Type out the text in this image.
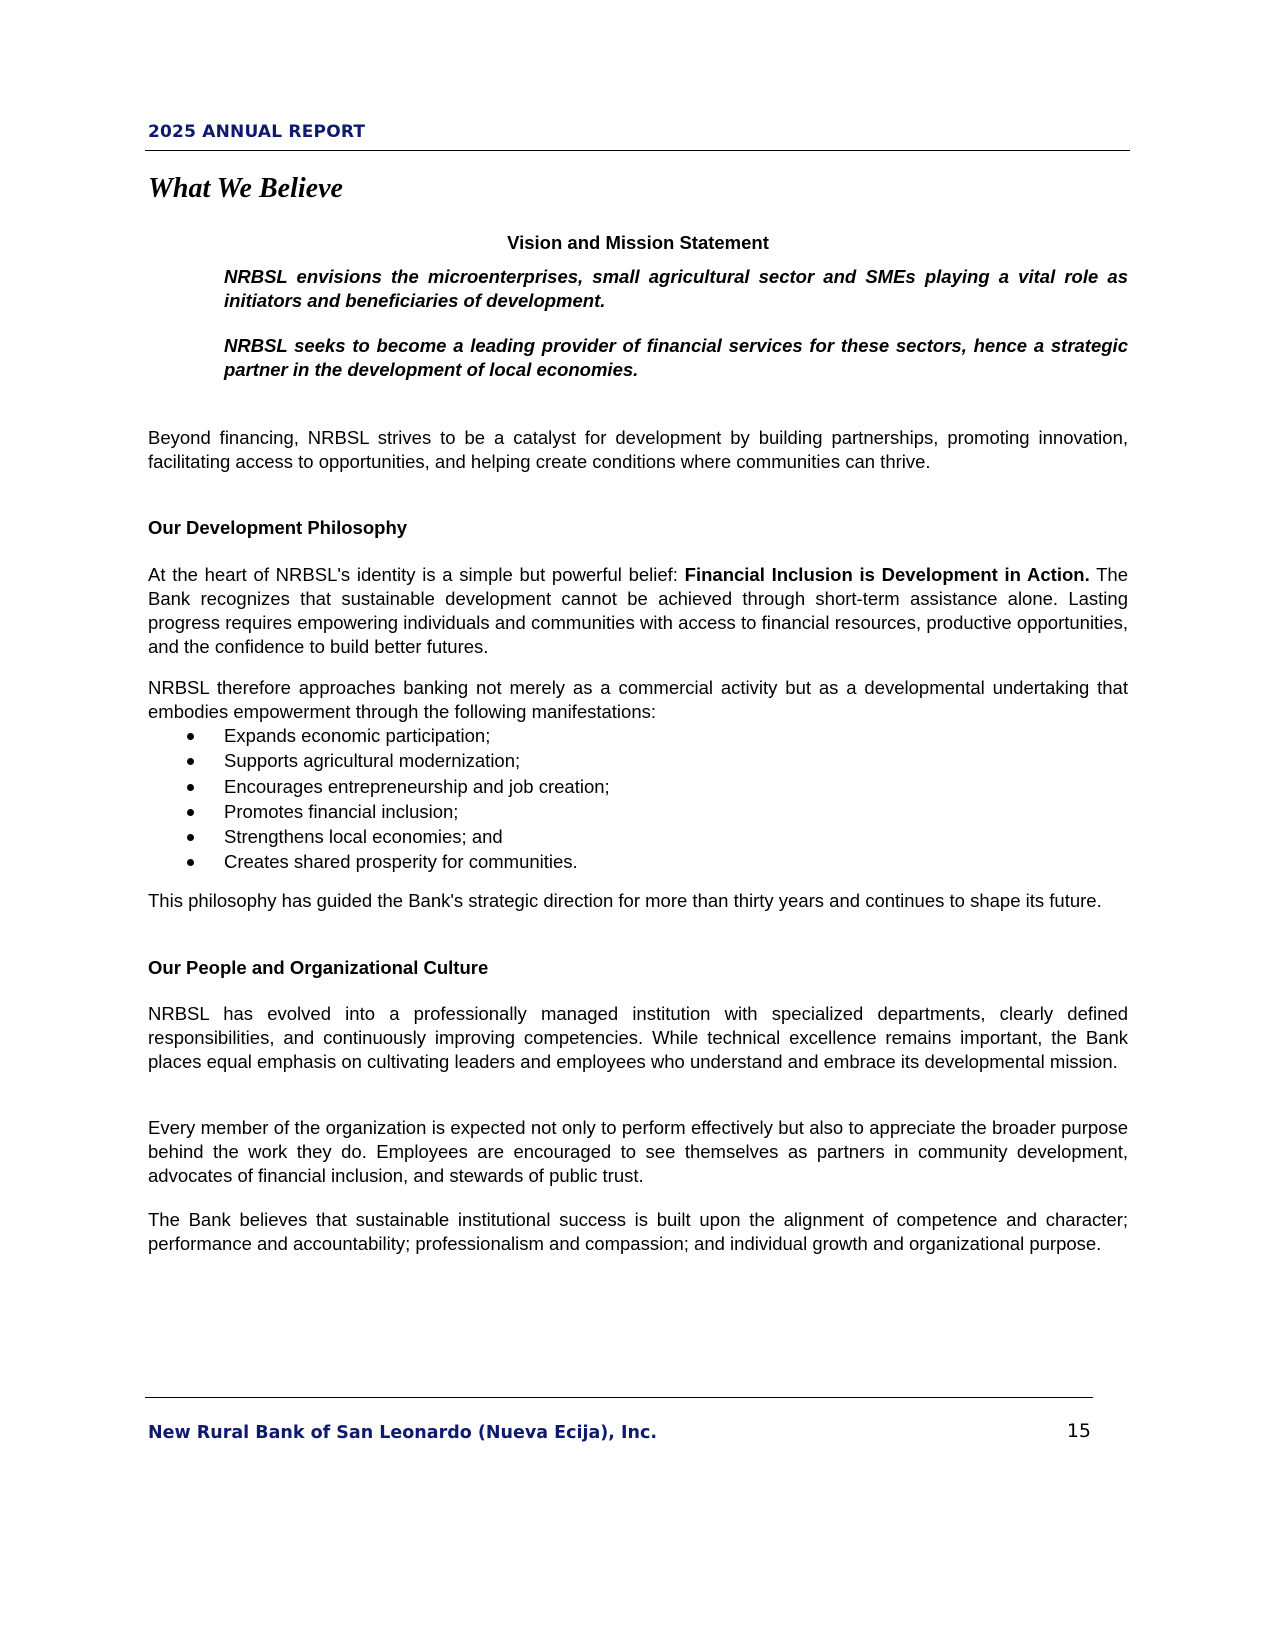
2025 ANNUAL REPORT
What We Believe
Vision and Mission Statement
NRBSL envisions the microenterprises, small agricultural sector and SMEs playing a vital role as initiators and beneficiaries of development.
NRBSL seeks to become a leading provider of financial services for these sectors, hence a strategic partner in the development of local economies.
Beyond financing, NRBSL strives to be a catalyst for development by building partnerships, promoting innovation, facilitating access to opportunities, and helping create conditions where communities can thrive.
Our Development Philosophy
At the heart of NRBSL's identity is a simple but powerful belief: Financial Inclusion is Development in Action. The Bank recognizes that sustainable development cannot be achieved through short-term assistance alone. Lasting progress requires empowering individuals and communities with access to financial resources, productive opportunities, and the confidence to build better futures.
NRBSL therefore approaches banking not merely as a commercial activity but as a developmental undertaking that embodies empowerment through the following manifestations:
Expands economic participation;
Supports agricultural modernization;
Encourages entrepreneurship and job creation;
Promotes financial inclusion;
Strengthens local economies; and
Creates shared prosperity for communities.
This philosophy has guided the Bank's strategic direction for more than thirty years and continues to shape its future.
Our People and Organizational Culture
NRBSL has evolved into a professionally managed institution with specialized departments, clearly defined responsibilities, and continuously improving competencies. While technical excellence remains important, the Bank places equal emphasis on cultivating leaders and employees who understand and embrace its developmental mission.
Every member of the organization is expected not only to perform effectively but also to appreciate the broader purpose behind the work they do. Employees are encouraged to see themselves as partners in community development, advocates of financial inclusion, and stewards of public trust.
The Bank believes that sustainable institutional success is built upon the alignment of competence and character; performance and accountability; professionalism and compassion; and individual growth and organizational purpose.
New Rural Bank of San Leonardo (Nueva Ecija), Inc.	15
